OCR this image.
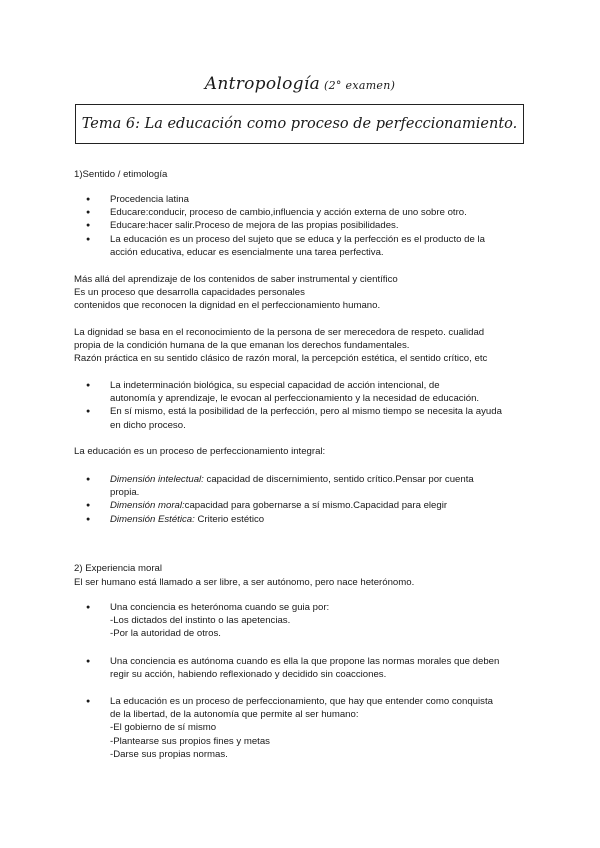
Antropología (2° examen)
Tema 6: La educación como proceso de perfeccionamiento.
1)Sentido / etimología
● Procedencia latina
● Educare:conducir, proceso de cambio,influencia y acción externa de uno sobre otro.
● Educare:hacer salir.Proceso de mejora de las propias posibilidades.
● La educación es un proceso del sujeto que se educa y la perfección es el producto de la
acción educativa, educar es esencialmente una tarea perfectiva.
Más allá del aprendizaje de los contenidos de saber instrumental y científico
Es un proceso que desarrolla capacidades personales
contenidos que reconocen la dignidad en el perfeccionamiento humano.
La dignidad se basa en el reconocimiento de la persona de ser merecedora de respeto. cualidad
propia de la condición humana de la que emanan los derechos fundamentales.
Razón práctica en su sentido clásico de razón moral, la percepción estética, el sentido crítico, etc
● La indeterminación biológica, su especial capacidad de acción intencional, de
autonomía y aprendizaje, le evocan al perfeccionamiento y la necesidad de educación.
● En sí mismo, está la posibilidad de la perfección, pero al mismo tiempo se necesita la ayuda
en dicho proceso.
La educación es un proceso de perfeccionamiento integral:
● Dimensión intelectual: capacidad de discernimiento, sentido crítico.Pensar por cuenta
propia.
● Dimensión moral:capacidad para gobernarse a sí mismo.Capacidad para elegir
● Dimensión Estética: Criterio estético
2) Experiencia moral
El ser humano está llamado a ser libre, a ser autónomo, pero nace heterónomo.
● Una conciencia es heterónoma cuando se guia por:
-Los dictados del instinto o las apetencias.
-Por la autoridad de otros.
● Una conciencia es autónoma cuando es ella la que propone las normas morales que deben
regir su acción, habiendo reflexionado y decidido sin coacciones.
● La educación es un proceso de perfeccionamiento, que hay que entender como conquista
de la libertad, de la autonomía que permite al ser humano:
-El gobierno de sí mismo
-Plantearse sus propios fines y metas
-Darse sus propias normas.
